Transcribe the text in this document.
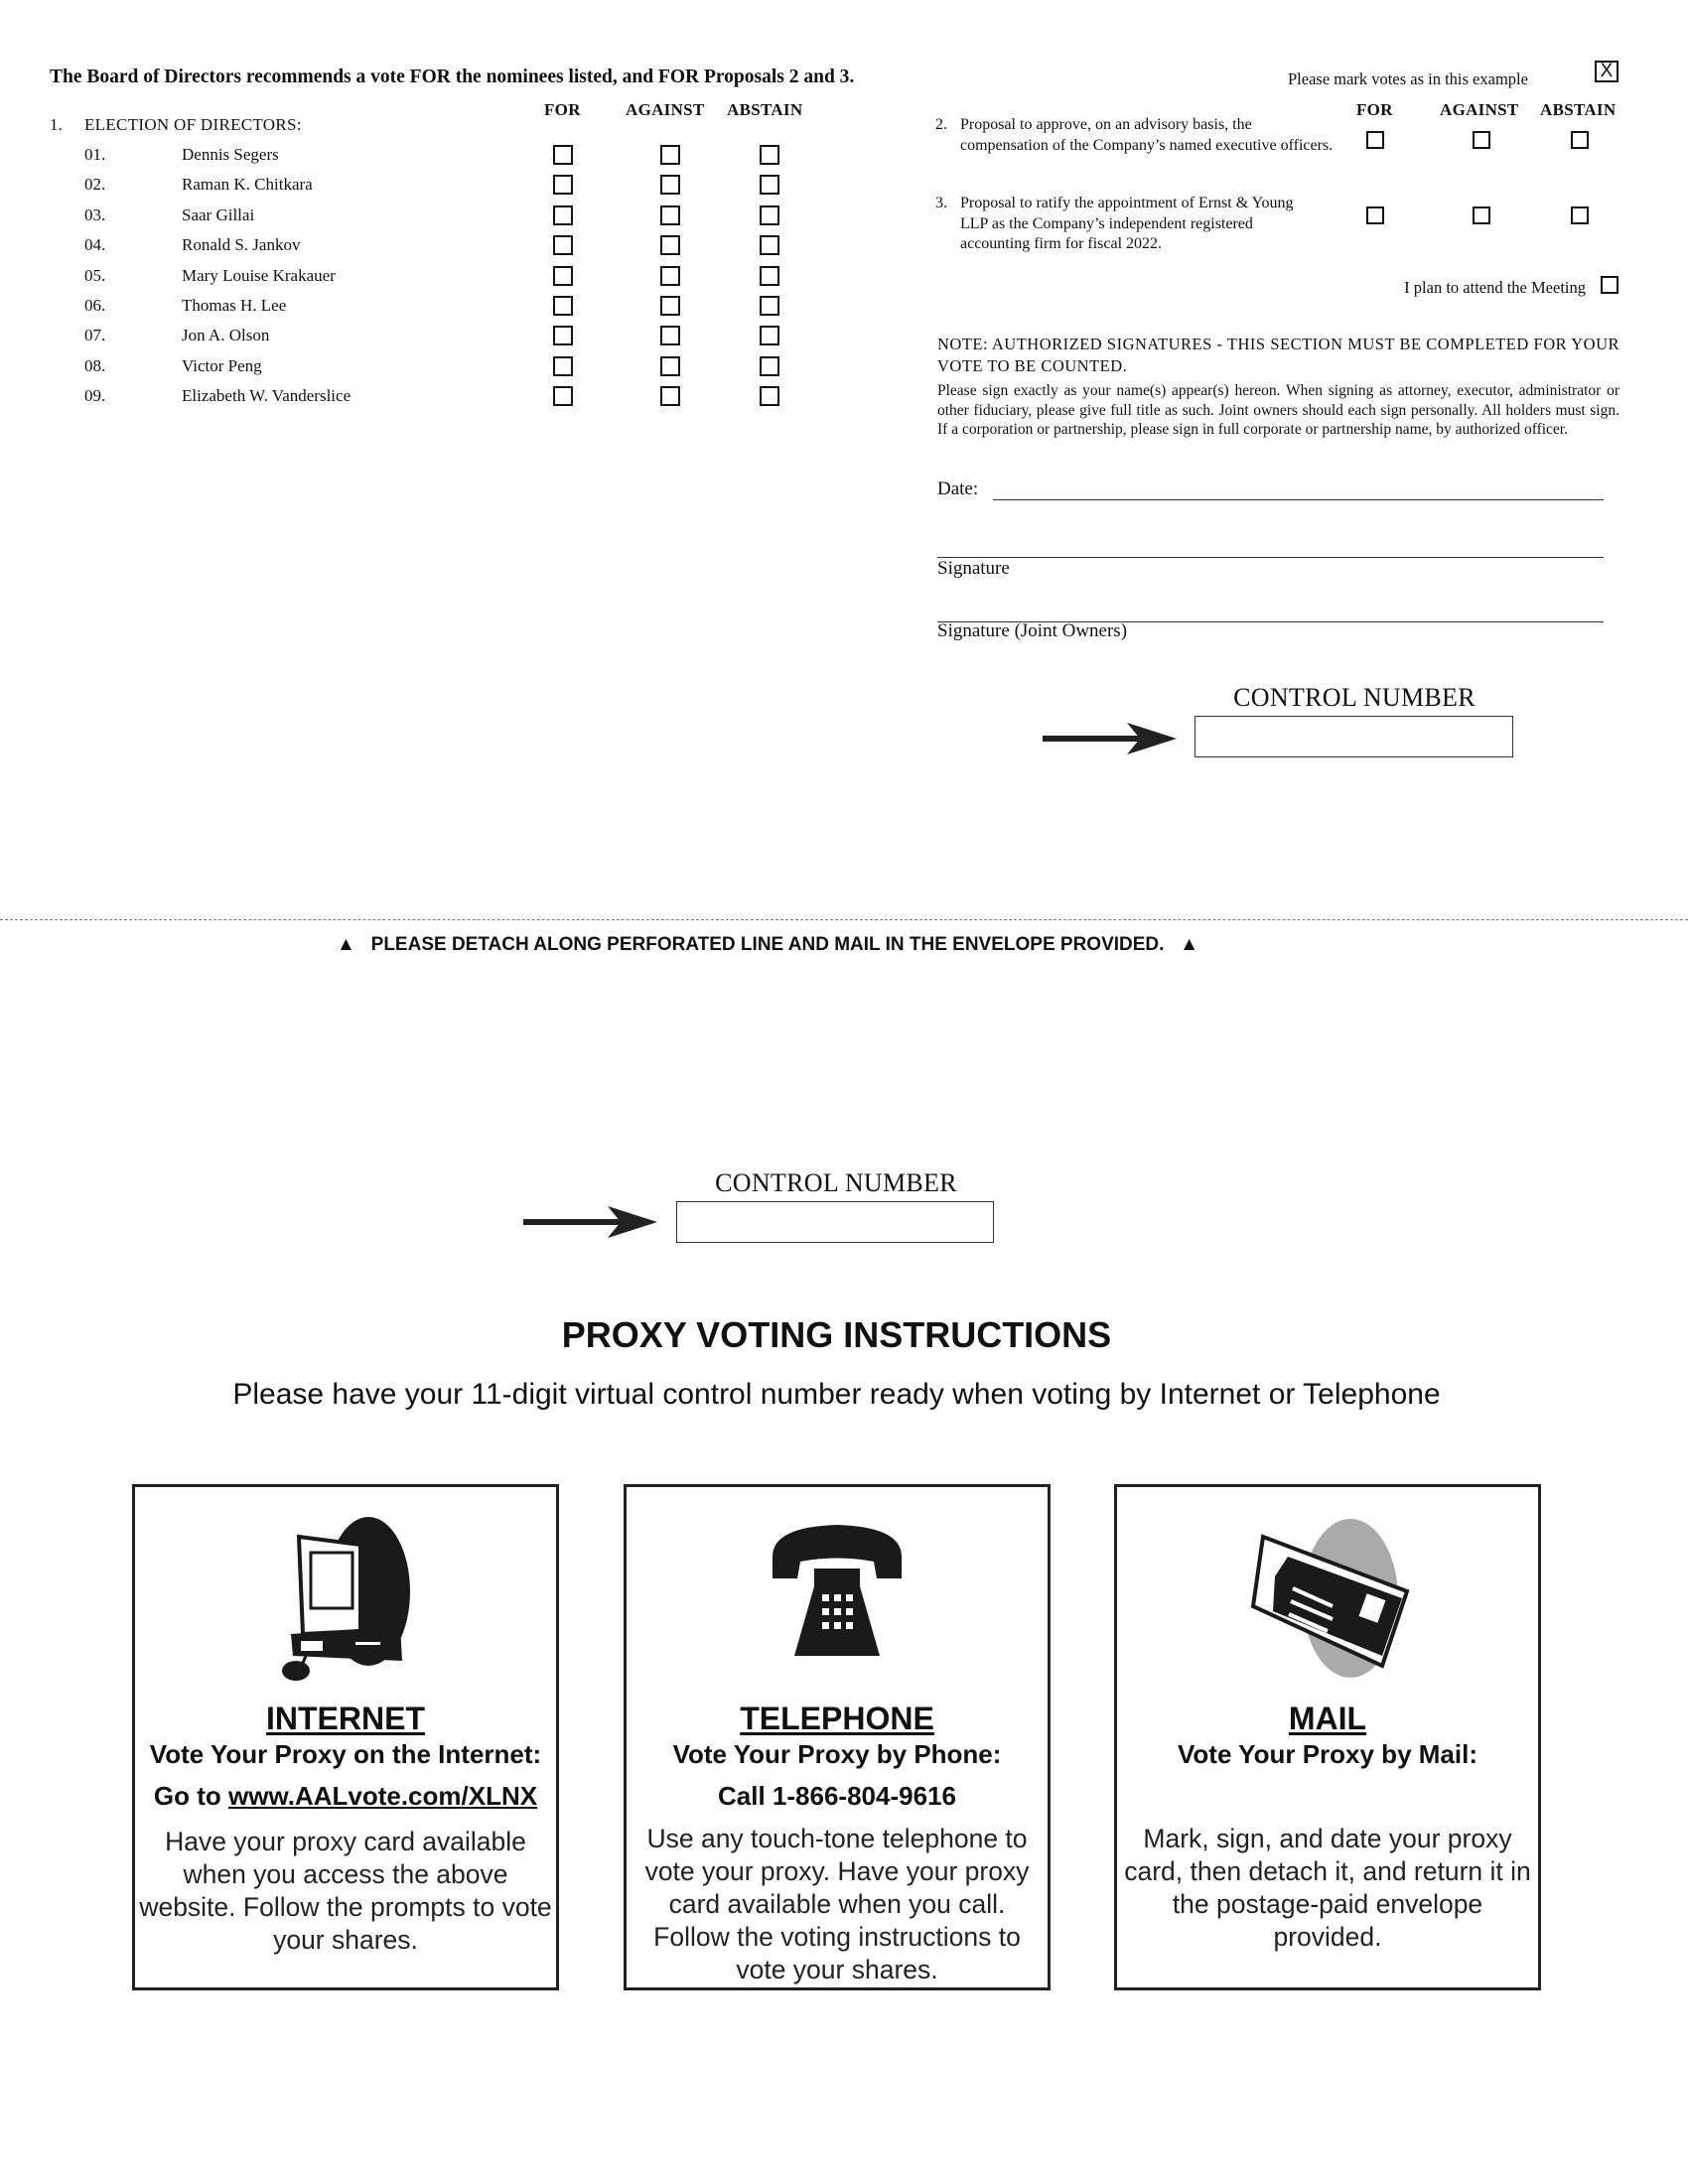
The Board of Directors recommends a vote FOR the nominees listed, and FOR Proposals 2 and 3.	Please mark votes as in this example	X
FOR	AGAINST ABSTAIN
1. ELECTION OF DIRECTORS:
01.	Dennis Segers
02.	Raman K. Chitkara
03.	Saar Gillai
04.	Ronald S. Jankov
05.	Mary Louise Krakauer
06.	Thomas H. Lee
07.	Jon A. Olson
08.	Victor Peng
09.	Elizabeth W. Vanderslice
FOR	AGAINST ABSTAIN
2. Proposal to approve, on an advisory basis, the compensation of the Company’s named executive officers.
3. Proposal to ratify the appointment of Ernst & Young LLP as the Company’s independent registered accounting firm for fiscal 2022.
I plan to attend the Meeting
NOTE: AUTHORIZED SIGNATURES - THIS SECTION MUST BE COMPLETED FOR YOUR VOTE TO BE COUNTED.
Please sign exactly as your name(s) appear(s) hereon. When signing as attorney, executor, administrator or other fiduciary, please give full title as such. Joint owners should each sign personally. All holders must sign. If a corporation or partnership, please sign in full corporate or partnership name, by authorized officer.
Date:
Signature
Signature (Joint Owners)
CONTROL NUMBER
▲ PLEASE DETACH ALONG PERFORATED LINE AND MAIL IN THE ENVELOPE PROVIDED. ▲
CONTROL NUMBER
PROXY VOTING INSTRUCTIONS
Please have your 11-digit virtual control number ready when voting by Internet or Telephone
INTERNET
Vote Your Proxy on the Internet:
Go to www.AALvote.com/XLNX
Have your proxy card available when you access the above website. Follow the prompts to vote your shares.
TELEPHONE
Vote Your Proxy by Phone:
Call 1-866-804-9616
Use any touch-tone telephone to vote your proxy. Have your proxy card available when you call. Follow the voting instructions to vote your shares.
MAIL
Vote Your Proxy by Mail:
Mark, sign, and date your proxy card, then detach it, and return it in the postage-paid envelope provided.
